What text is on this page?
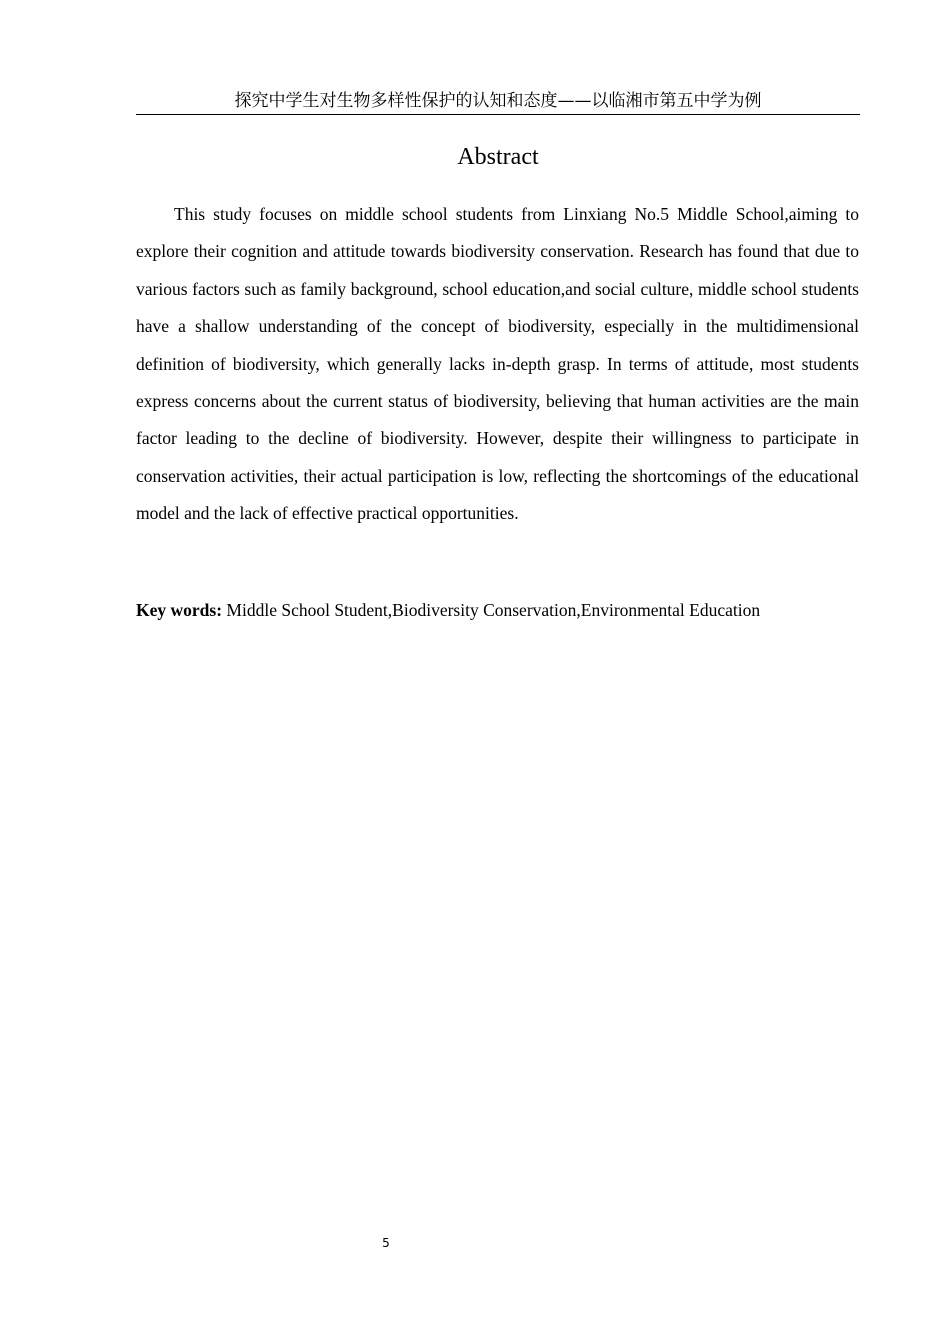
探究中学生对生物多样性保护的认知和态度——以临湘市第五中学为例
Abstract

This study focuses on middle school students from Linxiang No.5 Middle School,aiming to explore their cognition and attitude towards biodiversity conservation. Research has found that due to various factors such as family background, school education,and social culture, middle school students have a shallow understanding of the concept of biodiversity, especially in the multidimensional definition of biodiversity, which generally lacks in-depth grasp. In terms of attitude, most students express concerns about the current status of biodiversity, believing that human activities are the main factor leading to the decline of biodiversity. However, despite their willingness to participate in conservation activities, their actual participation is low, reflecting the shortcomings of the educational model and the lack of effective practical opportunities.

Key words: Middle School Student,Biodiversity Conservation,Environmental Education

5
